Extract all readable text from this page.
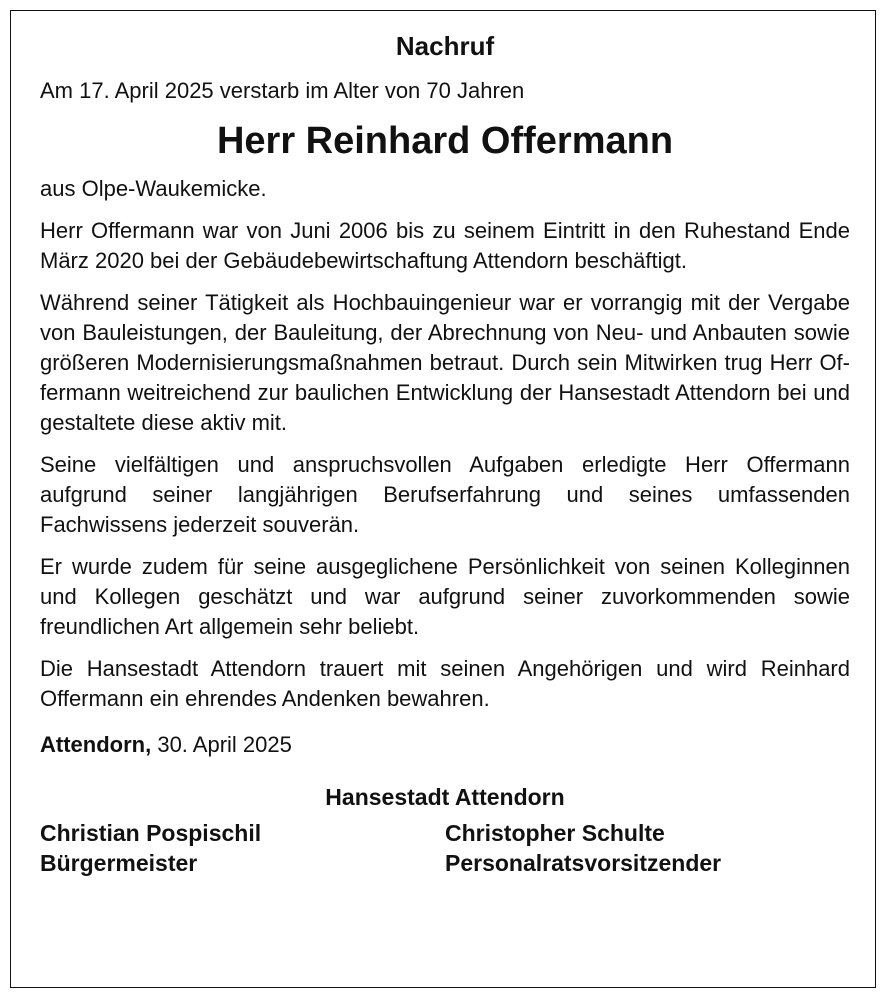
Nachruf

Am 17. April 2025 verstarb im Alter von 70 Jahren

Herr Reinhard Offermann

aus Olpe-Waukemicke.

Herr Offermann war von Juni 2006 bis zu seinem Eintritt in den Ruhestand Ende März 2020 bei der Gebäudebewirtschaftung Attendorn beschäftigt.

Während seiner Tätigkeit als Hochbauingenieur war er vorrangig mit der Vergabe von Bauleistungen, der Bauleitung, der Abrechnung von Neu- und Anbauten sowie größeren Modernisierungsmaßnahmen betraut. Durch sein Mitwirken trug Herr Of-fermann weitreichend zur baulichen Entwicklung der Hansestadt Attendorn bei und gestaltete diese aktiv mit.

Seine vielfältigen und anspruchsvollen Aufgaben erledigte Herr Offermann aufgrund seiner langjährigen Berufserfahrung und seines umfassenden Fachwissens jederzeit souverän.

Er wurde zudem für seine ausgeglichene Persönlichkeit von seinen Kolleginnen und Kollegen geschätzt und war aufgrund seiner zuvorkommenden sowie freundlichen Art allgemein sehr beliebt.

Die Hansestadt Attendorn trauert mit seinen Angehörigen und wird Reinhard Offermann ein ehrendes Andenken bewahren.

Attendorn, 30. April 2025

Hansestadt Attendorn
Christian Pospischil
Bürgermeister
Christopher Schulte
Personalratsvorsitzender
